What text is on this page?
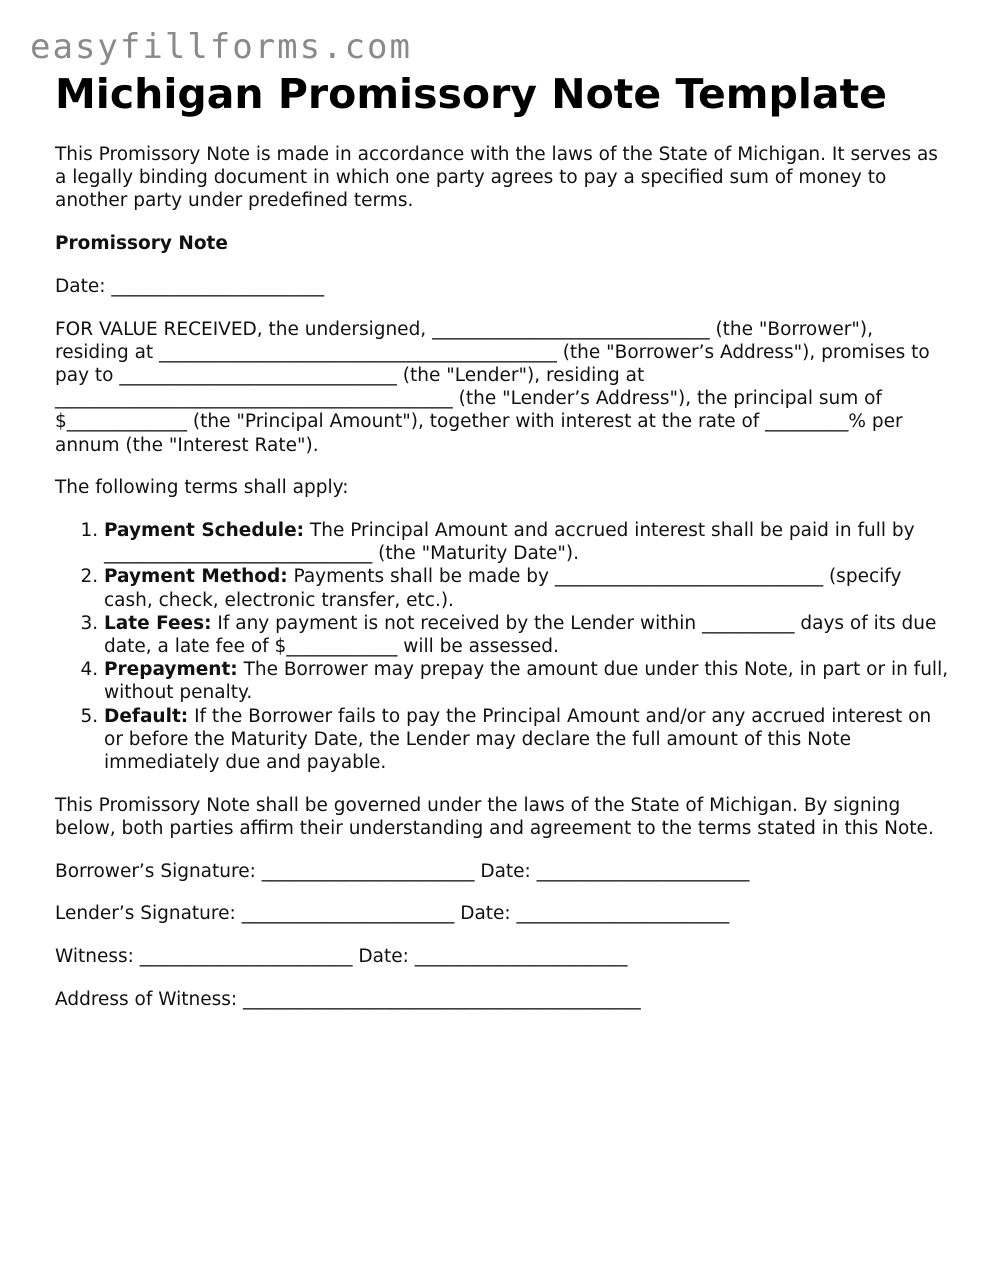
easyfillforms.com
Michigan Promissory Note Template

This Promissory Note is made in accordance with the laws of the State of Michigan. It serves as a legally binding document in which one party agrees to pay a specified sum of money to another party under predefined terms.

Promissory Note

Date: _______________________

FOR VALUE RECEIVED, the undersigned, ______________________________ (the "Borrower"), residing at ___________________________________________ (the "Borrower’s Address"), promises to pay to ______________________________ (the "Lender"), residing at ___________________________________________ (the "Lender’s Address"), the principal sum of $_____________ (the "Principal Amount"), together with interest at the rate of _________% per annum (the "Interest Rate").

The following terms shall apply:

1. Payment Schedule: The Principal Amount and accrued interest shall be paid in full by _____________________________ (the "Maturity Date").
2. Payment Method: Payments shall be made by _____________________________ (specify cash, check, electronic transfer, etc.).
3. Late Fees: If any payment is not received by the Lender within __________ days of its due date, a late fee of $____________ will be assessed.
4. Prepayment: The Borrower may prepay the amount due under this Note, in part or in full, without penalty.
5. Default: If the Borrower fails to pay the Principal Amount and/or any accrued interest on or before the Maturity Date, the Lender may declare the full amount of this Note immediately due and payable.

This Promissory Note shall be governed under the laws of the State of Michigan. By signing below, both parties affirm their understanding and agreement to the terms stated in this Note.

Borrower’s Signature: _______________________ Date: _______________________

Lender’s Signature: _______________________ Date: _______________________

Witness: _______________________ Date: _______________________

Address of Witness: ___________________________________________
